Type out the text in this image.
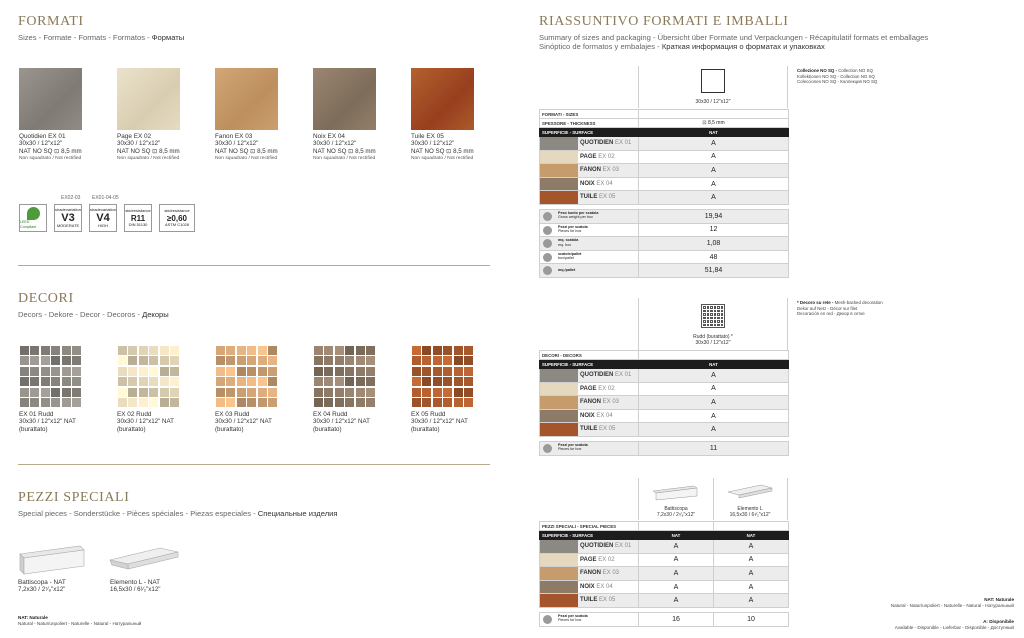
FORMATI
Sizes - Formate - Formats - Formatos - Форматы
Quotidien EX 01
30x30 / 12"x12"
NAT NO SQ ⊡ 8,5 mm
Non squadrato / Not rectified
Page EX 02
30x30 / 12"x12"
NAT NO SQ ⊡ 8,5 mm
Non squadrato / Not rectified
Fanon EX 03
30x30 / 12"x12"
NAT NO SQ ⊡ 8,5 mm
Non squadrato / Not rectified
Noix EX 04
30x30 / 12"x12"
NAT NO SQ ⊡ 8,5 mm
Non squadrato / Not rectified
Tuile EX 05
30x30 / 12"x12"
NAT NO SQ ⊡ 8,5 mm
Non squadrato / Not rectified
EX02-03 EX01-04-05
LEED Compliant
shadevariation
V3
MODERATE
shadevariation
V4
HIGH
skidresistance
R11
DIN 51130
skidresistance
≥0,60
ASTM C1028
DECORI
Decors - Dekore - Decor - Decoros - Декоры
EX 01 Rudd
30x30 / 12"x12" NAT
(burattato)
EX 02 Rudd
30x30 / 12"x12" NAT
(burattato)
EX 03 Rudd
30x30 / 12"x12" NAT
(burattato)
EX 04 Rudd
30x30 / 12"x12" NAT
(burattato)
EX 05 Rudd
30x30 / 12"x12" NAT
(burattato)
PEZZI SPECIALI
Special pieces - Sonderstücke - Pièces spéciales - Piezas especiales - Специальные изделия
Battiscopa - NAT
7,2x30 / 2⁷⁄₈"x12"
Elemento L - NAT
16,5x30 / 6¹⁄₂"x12"
NAT: Naturale
Natural - Natur/unpoliert - Naturelle - Natural - Натуральный
RIASSUNTIVO FORMATI E IMBALLI
Summary of sizes and packaging - Übersicht über Formate und Verpackungen - Récapitulatif formats et emballages
Sinóptico de formatos y embalajes - Краткая информация о форматах и упаковках
30x30 / 12"x12"
Collezione NO SQ - Collection NO SQ
Kollektionen NO SQ - Collection NO SQ
Colecciones NO SQ - Коллекция NO SQ
FORMATI - SIZES	
SPESSORE - THICKNESS	⊡ 8,5 mm
SUPERFICIE - SURFACE	NAT

QUOTIDIEN EX 01	A

PAGE EX 02	A

FANON EX 03	A

NOIX EX 04	A

TUILE EX 05	A

Peso konto per scatola
Gross weight per box	19,94

Pezzi per scatola
Pieces for box	12

mq. scatola
mq. box	1,08

scatole/pallet
box/pallet	48

mq./pallet	51,84
Rudd (burattato) *
30x30 / 12"x12"
* Decoro su rete - Mesh-backed decoration
Dekor auf Netz - Décor sur filet
Decoración en red - Декор в сетке
DECORI - DECORS	
SUPERFICIE - SURFACE	NAT

QUOTIDIEN EX 01	A

PAGE EX 02	A

FANON EX 03	A

NOIX EX 04	A

TUILE EX 05	A

Pezzi per scatola
Pieces for box	11
Battiscopa
7,2x30 / 2⁷⁄₈"x12"
Elemento L
16,5x30 / 6¹⁄₂"x12"
PEZZI SPECIALI - SPECIAL PIECES		
SUPERFICIE - SURFACE	NAT	NAT

QUOTIDIEN EX 01	A	A

PAGE EX 02	A	A

FANON EX 03	A	A

NOIX EX 04	A	A

TUILE EX 05	A	A

Pezzi per scatola
Pieces for box	16	10
NAT: Naturale
Natural - Natur/unpoliert - Naturelle - Natural - Натуральный
A: Disponibile
Available - Disponible - Lieferbar - Disponible - Доступный
